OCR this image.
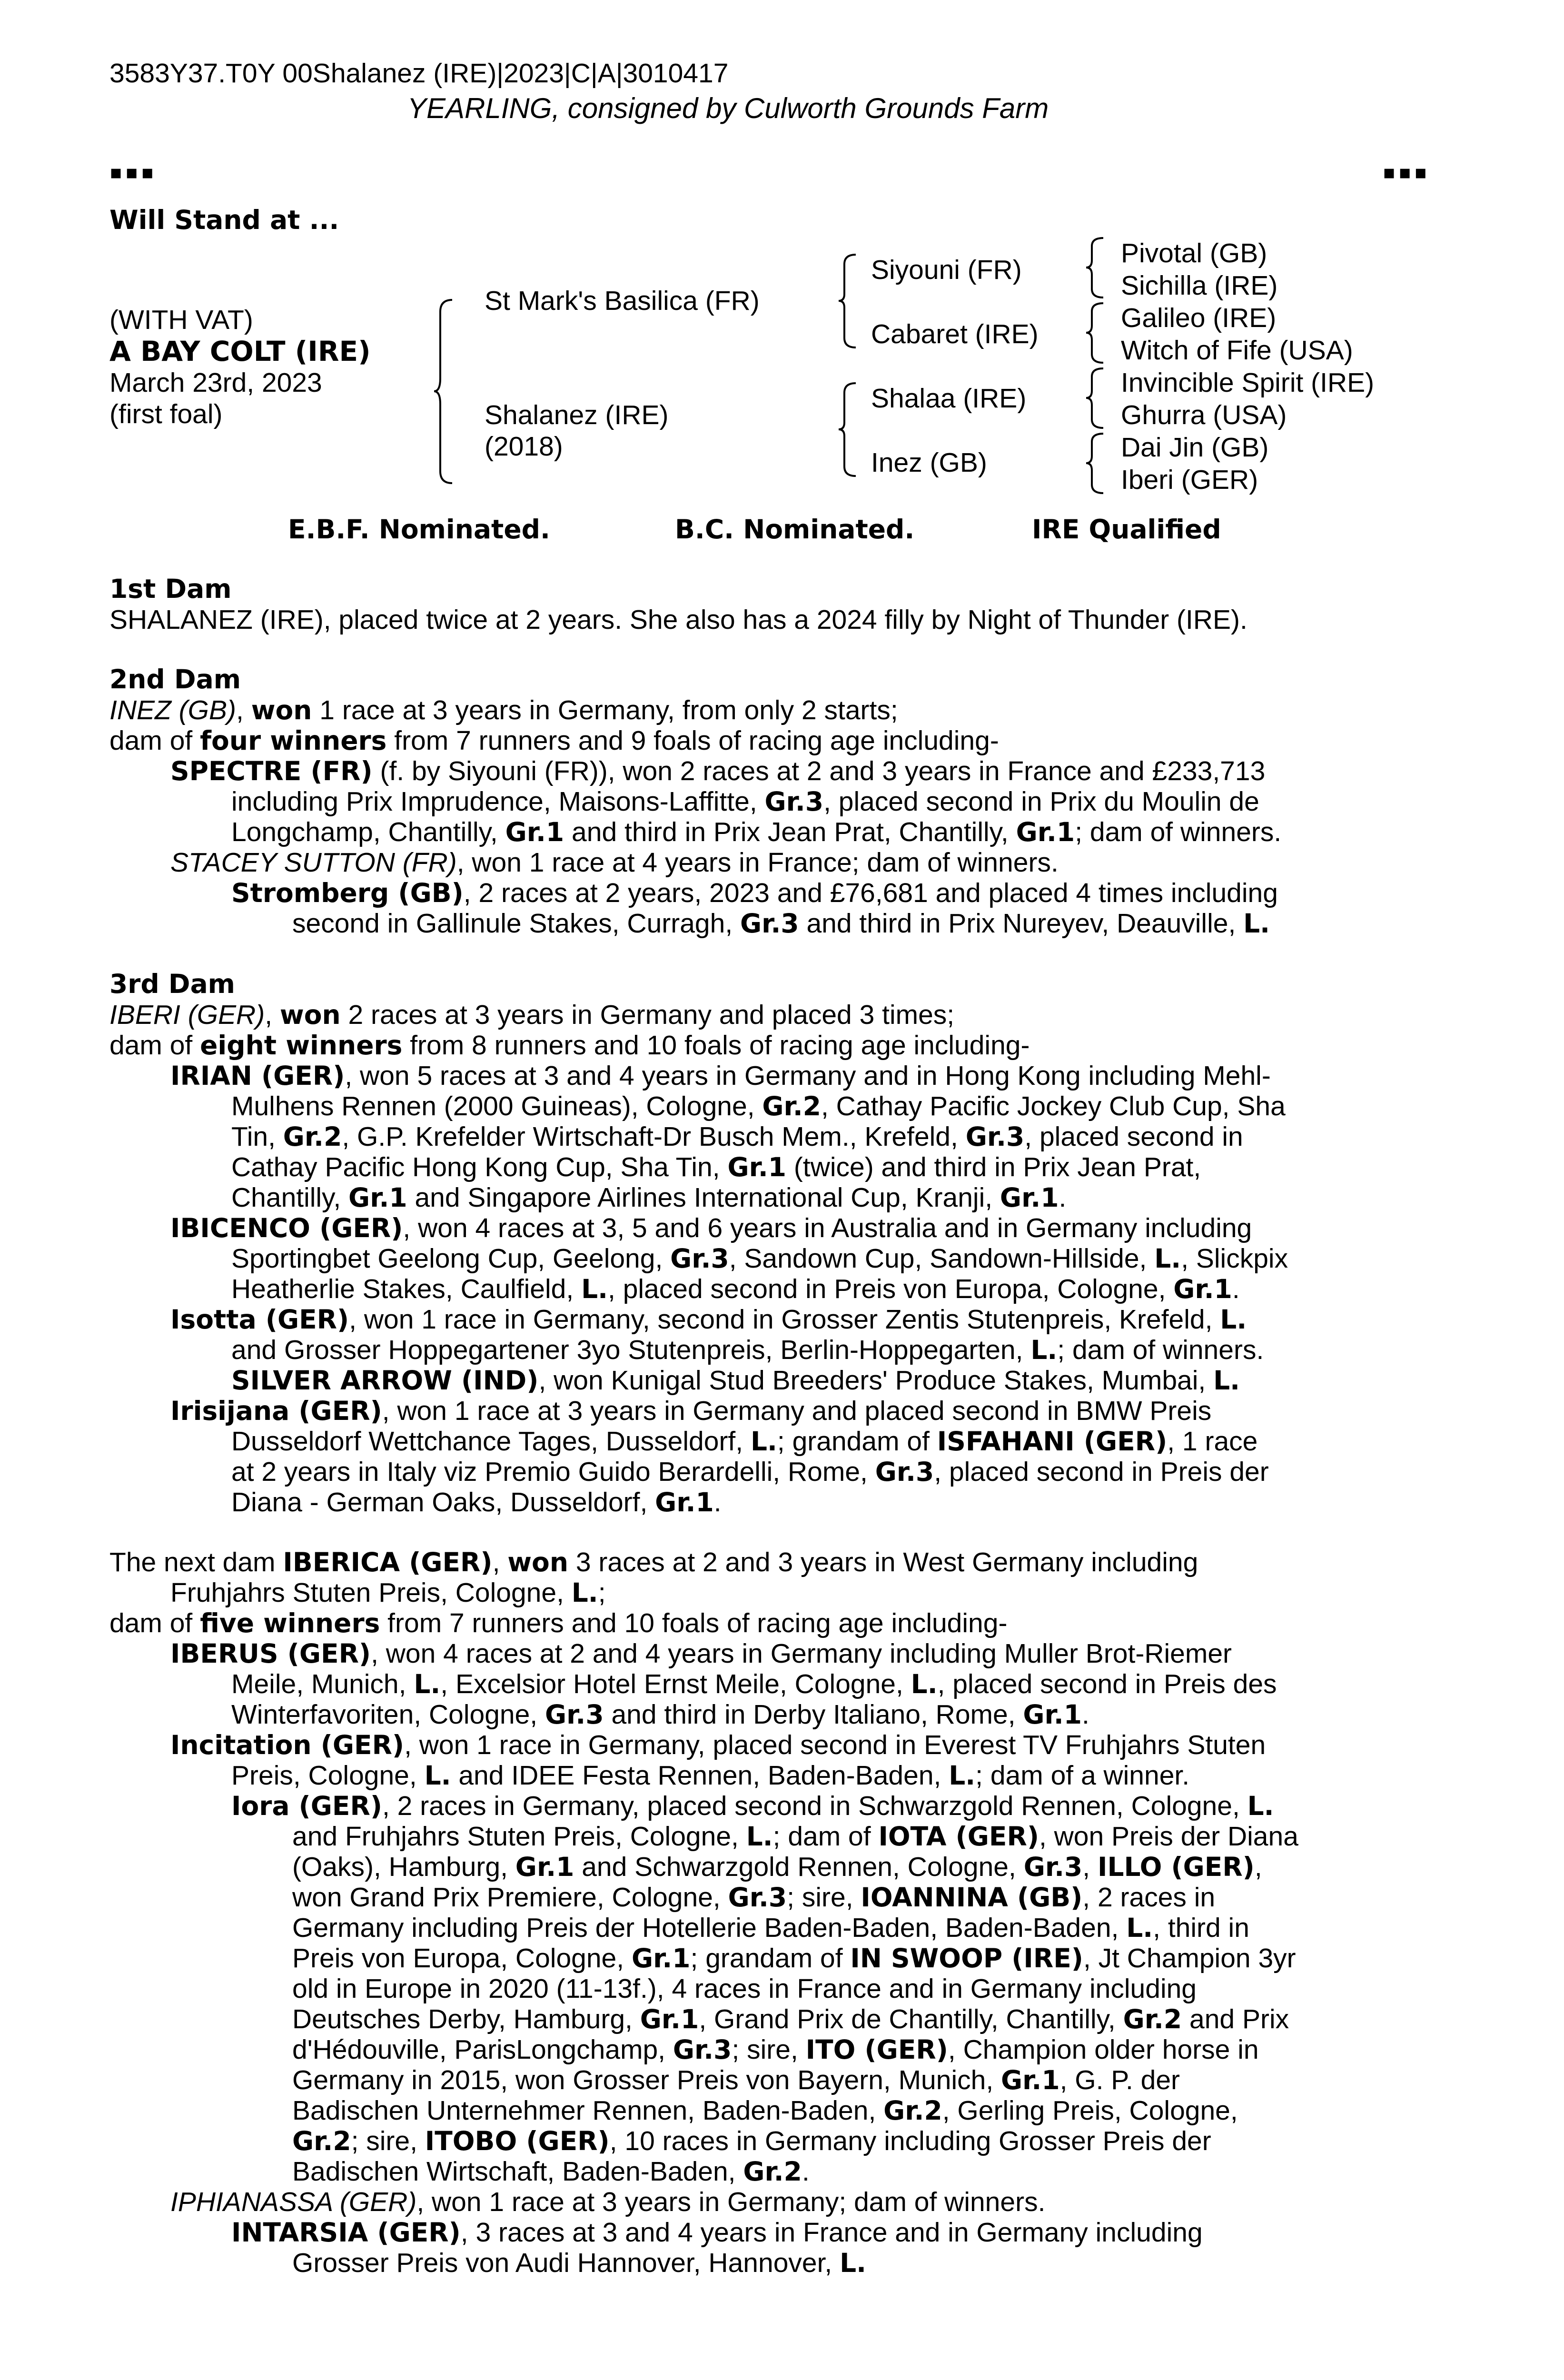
3583Y37.T0Y 00Shalanez (IRE)|2023|C|A|3010417
YEARLING, consigned by Culworth Grounds Farm
▪▪▪	▪▪▪
Will Stand at ...
(WITH VAT)
A BAY COLT (IRE)
March 23rd, 2023
(first foal)
St Mark's Basilica (FR)
Shalanez (IRE)
(2018)
Siyouni (FR)
Cabaret (IRE)
Shalaa (IRE)
Inez (GB)
Pivotal (GB)
Sichilla (IRE)
Galileo (IRE)
Witch of Fife (USA)
Invincible Spirit (IRE)
Ghurra (USA)
Dai Jin (GB)
Iberi (GER)
E.B.F. Nominated.	B.C. Nominated.	IRE Qualified
1st Dam
SHALANEZ (IRE), placed twice at 2 years. She also has a 2024 filly by Night of Thunder (IRE).
2nd Dam
INEZ (GB), won 1 race at 3 years in Germany, from only 2 starts;
dam of four winners from 7 runners and 9 foals of racing age including-
SPECTRE (FR) (f. by Siyouni (FR)), won 2 races at 2 and 3 years in France and £233,713
including Prix Imprudence, Maisons-Laffitte, Gr.3, placed second in Prix du Moulin de
Longchamp, Chantilly, Gr.1 and third in Prix Jean Prat, Chantilly, Gr.1; dam of winners.
STACEY SUTTON (FR), won 1 race at 4 years in France; dam of winners.
Stromberg (GB), 2 races at 2 years, 2023 and £76,681 and placed 4 times including
second in Gallinule Stakes, Curragh, Gr.3 and third in Prix Nureyev, Deauville, L.
3rd Dam
IBERI (GER), won 2 races at 3 years in Germany and placed 3 times;
dam of eight winners from 8 runners and 10 foals of racing age including-
IRIAN (GER), won 5 races at 3 and 4 years in Germany and in Hong Kong including Mehl-
Mulhens Rennen (2000 Guineas), Cologne, Gr.2, Cathay Pacific Jockey Club Cup, Sha
Tin, Gr.2, G.P. Krefelder Wirtschaft-Dr Busch Mem., Krefeld, Gr.3, placed second in
Cathay Pacific Hong Kong Cup, Sha Tin, Gr.1 (twice) and third in Prix Jean Prat,
Chantilly, Gr.1 and Singapore Airlines International Cup, Kranji, Gr.1.
IBICENCO (GER), won 4 races at 3, 5 and 6 years in Australia and in Germany including
Sportingbet Geelong Cup, Geelong, Gr.3, Sandown Cup, Sandown-Hillside, L., Slickpix
Heatherlie Stakes, Caulfield, L., placed second in Preis von Europa, Cologne, Gr.1.
Isotta (GER), won 1 race in Germany, second in Grosser Zentis Stutenpreis, Krefeld, L.
and Grosser Hoppegartener 3yo Stutenpreis, Berlin-Hoppegarten, L.; dam of winners.
SILVER ARROW (IND), won Kunigal Stud Breeders' Produce Stakes, Mumbai, L.
Irisijana (GER), won 1 race at 3 years in Germany and placed second in BMW Preis
Dusseldorf Wettchance Tages, Dusseldorf, L.; grandam of ISFAHANI (GER), 1 race
at 2 years in Italy viz Premio Guido Berardelli, Rome, Gr.3, placed second in Preis der
Diana - German Oaks, Dusseldorf, Gr.1.
The next dam IBERICA (GER), won 3 races at 2 and 3 years in West Germany including
Fruhjahrs Stuten Preis, Cologne, L.;
dam of five winners from 7 runners and 10 foals of racing age including-
IBERUS (GER), won 4 races at 2 and 4 years in Germany including Muller Brot-Riemer
Meile, Munich, L., Excelsior Hotel Ernst Meile, Cologne, L., placed second in Preis des
Winterfavoriten, Cologne, Gr.3 and third in Derby Italiano, Rome, Gr.1.
Incitation (GER), won 1 race in Germany, placed second in Everest TV Fruhjahrs Stuten
Preis, Cologne, L. and IDEE Festa Rennen, Baden-Baden, L.; dam of a winner.
Iora (GER), 2 races in Germany, placed second in Schwarzgold Rennen, Cologne, L.
and Fruhjahrs Stuten Preis, Cologne, L.; dam of IOTA (GER), won Preis der Diana
(Oaks), Hamburg, Gr.1 and Schwarzgold Rennen, Cologne, Gr.3, ILLO (GER),
won Grand Prix Premiere, Cologne, Gr.3; sire, IOANNINA (GB), 2 races in
Germany including Preis der Hotellerie Baden-Baden, Baden-Baden, L., third in
Preis von Europa, Cologne, Gr.1; grandam of IN SWOOP (IRE), Jt Champion 3yr
old in Europe in 2020 (11-13f.), 4 races in France and in Germany including
Deutsches Derby, Hamburg, Gr.1, Grand Prix de Chantilly, Chantilly, Gr.2 and Prix
d'Hédouville, ParisLongchamp, Gr.3; sire, ITO (GER), Champion older horse in
Germany in 2015, won Grosser Preis von Bayern, Munich, Gr.1, G. P. der
Badischen Unternehmer Rennen, Baden-Baden, Gr.2, Gerling Preis, Cologne,
Gr.2; sire, ITOBO (GER), 10 races in Germany including Grosser Preis der
Badischen Wirtschaft, Baden-Baden, Gr.2.
IPHIANASSA (GER), won 1 race at 3 years in Germany; dam of winners.
INTARSIA (GER), 3 races at 3 and 4 years in France and in Germany including
Grosser Preis von Audi Hannover, Hannover, L.
